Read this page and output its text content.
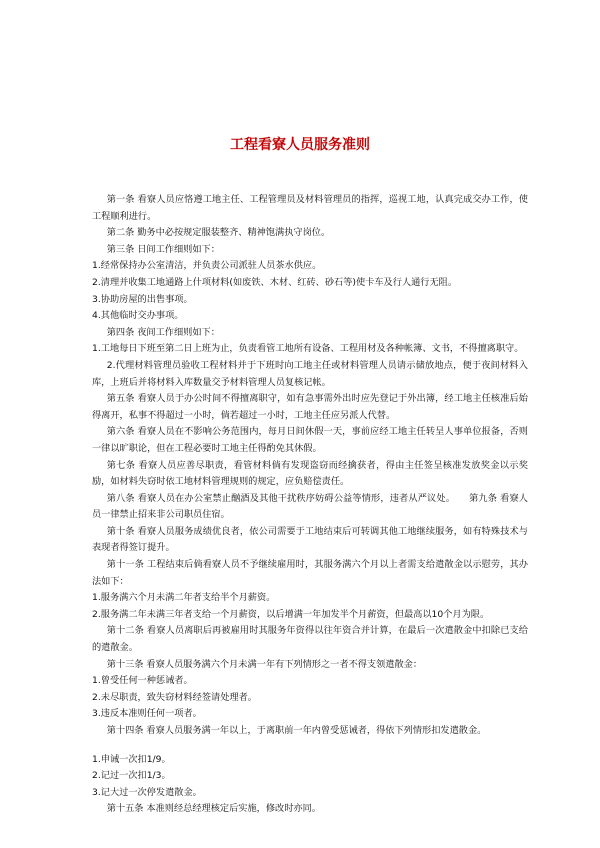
工程看寮人员服务准则

第一条 看寮人员应恪遵工地主任、工程管理员及材料管理员的指挥，巡视工地，认真完成交办工作，使工程顺利进行。

第二条 勤务中必按规定服装整齐、精神饱满执守岗位。

第三条 日间工作细则如下：

1.经常保持办公室清洁，并负责公司派驻人员茶水供应。

2.清理并收集工地通路上什项材料(如废铁、木材、红砖、砂石等)使卡车及行人通行无阻。

3.协助房屋的出售事项。

4.其他临时交办事项。

第四条 夜间工作细则如下：

1.工地每日下班至第二日上班为止，负责看管工地所有设备、工程用材及各种帐簿、文书，不得擅离职守。

2.代理材料管理员验收工程材料并于下班时向工地主任或材料管理人员请示储放地点，便于夜间材料入库，上班后并将材料入库数量交予材料管理人员复核记帐。

第五条 看寮人员于办公时间不得擅离职守，如有急事需外出时应先登记于外出簿，经工地主任核准后始得离开，私事不得超过一小时，倘若超过一小时，工地主任应另派人代替。

第六条 看寮人员在不影响公务范围内，每月日间休假一天，事前应经工地主任转呈人事单位报备，否则一律以旷职论，但在工程必要时工地主任得酌免其休假。

第七条 看寮人员应善尽职责，看管材料倘有发现盗窃而经擒获者，得由主任签呈核准发放奖金以示奖励，如材料失窃时依工地材料管理规则的规定，应负赔偿责任。

第八条 看寮人员在办公室禁止酗酒及其他干扰秩序妨碍公益等情形，违者从严议处。　　第九条 看寮人员一律禁止招来非公司职员住宿。

第十条 看寮人员服务成绩优良者，依公司需要于工地结束后可转调其他工地继续服务，如有特殊技术与表现者得签订提升。

第十一条 工程结束后倘看寮人员不予继续雇用时，其服务满六个月以上者需支给遣散金以示慰劳，其办法如下：

1.服务满六个月未满二年者支给半个月薪资。

2.服务满二年未满三年者支给一个月薪资，以后增满一年加发半个月薪资，但最高以10个月为限。

第十二条 看寮人员离职后再被雇用时其服务年资得以往年资合并计算，在最后一次遣散金中扣除已支给的遣散金。

第十三条 看寮人员服务满六个月未满一年有下列情形之一者不得支领遣散金：

1.曾受任何一种惩诫者。

2.未尽职责，致失窃材料经签请处理者。

3.违反本准则任何一项者。

第十四条 看寮人员服务满一年以上，于离职前一年内曾受惩诫者，得依下列情形扣发遣散金。

1.申诫一次扣1/9。

2.记过一次扣1/3。

3.记大过一次停发遣散金。

第十五条 本准则经总经理核定后实施，修改时亦同。
